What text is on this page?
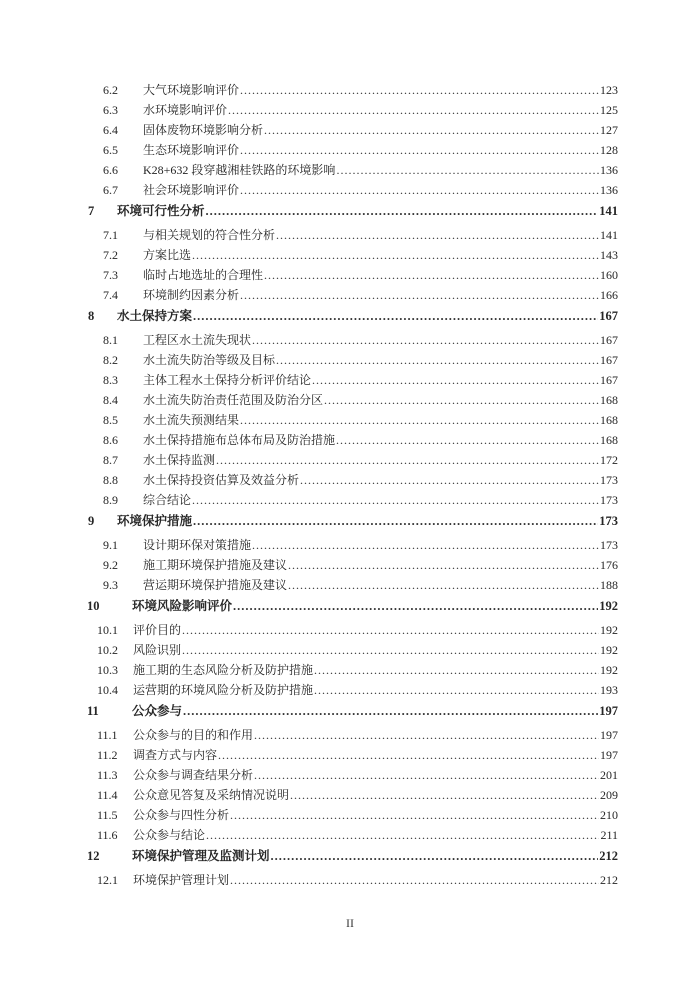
6.2	大气环境影响评价 .....	123
6.3	水环境影响评价 .....	125
6.4	固体废物环境影响分析 .....	127
6.5	生态环境影响评价 .....	128
6.6	K28+632 段穿越湘桂铁路的环境影响 .....	136
6.7	社会环境影响评价 .....	136
7	环境可行性分析 .....	141
7.1	与相关规划的符合性分析 .....	141
7.2	方案比选 .....	143
7.3	临时占地选址的合理性 .....	160
7.4	环境制约因素分析 .....	166
8	水土保持方案 .....	167
8.1	工程区水土流失现状 .....	167
8.2	水土流失防治等级及目标 .....	167
8.3	主体工程水土保持分析评价结论 .....	167
8.4	水土流失防治责任范围及防治分区 .....	168
8.5	水土流失预测结果 .....	168
8.6	水土保持措施布总体布局及防治措施 .....	168
8.7	水土保持监测 .....	172
8.8	水土保持投资估算及效益分析 .....	173
8.9	综合结论 .....	173
9	环境保护措施 .....	173
9.1	设计期环保对策措施 .....	173
9.2	施工期环境保护措施及建议 .....	176
9.3	营运期环境保护措施及建议 .....	188
10	环境风险影响评价 .....	192
10.1	评价目的 .....	192
10.2	风险识别 .....	192
10.3	施工期的生态风险分析及防护措施 .....	192
10.4	运营期的环境风险分析及防护措施 .....	193
11	公众参与 .....	197
11.1	公众参与的目的和作用 .....	197
11.2	调查方式与内容 .....	197
11.3	公众参与调查结果分析 .....	201
11.4	公众意见答复及采纳情况说明 .....	209
11.5	公众参与四性分析 .....	210
11.6	公众参与结论 .....	211
12	环境保护管理及监测计划 .....	212
12.1	环境保护管理计划 .....	212
II
